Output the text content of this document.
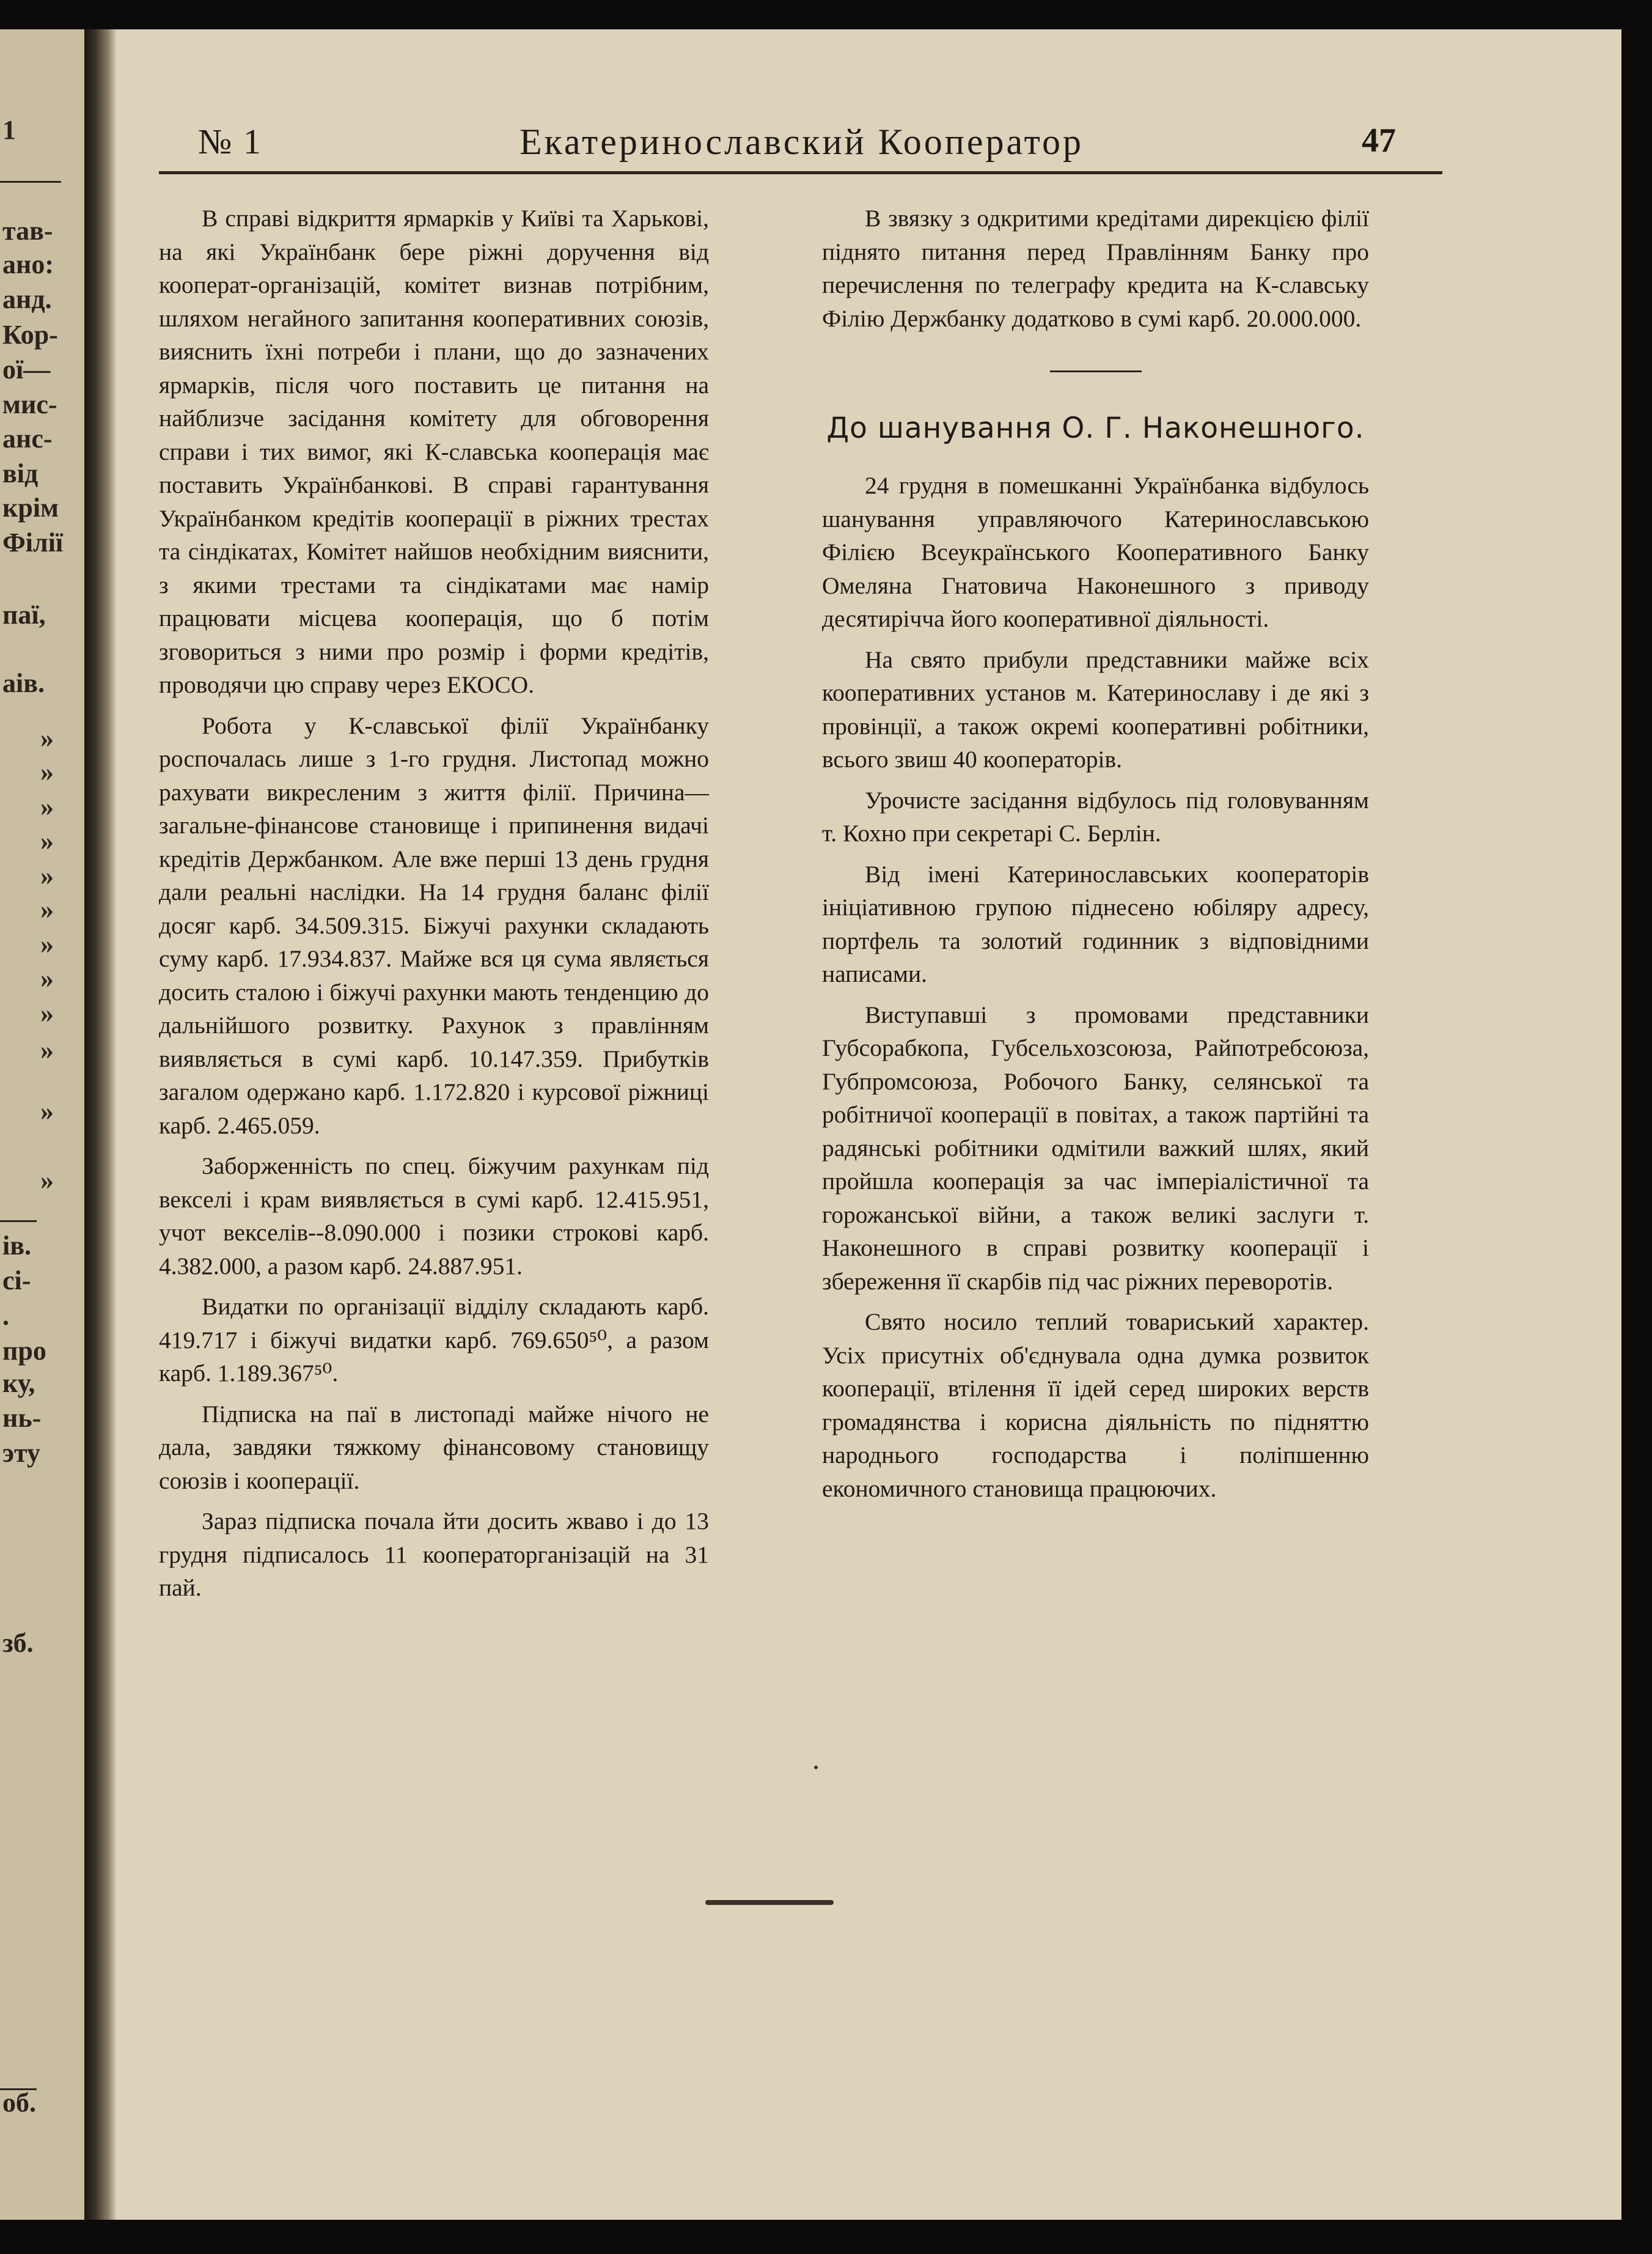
1
тав-
ано:
анд.
Кор-
ої—
мис-
анс-
від
крім
Філії
паї,
аів.
»
»
»
»
»
»
»
»
»
»
»
»
ів.
сі-
.
про
ку,
нь-
эту
зб.
об.
№ 1	Екатеринославский Кооператор	47

В справі відкриття ярмарків у Київі та Харькові, на які Українбанк бере ріжні доручення від кооперат-організацій, комітет визнав потрібним, шляхом негайного запитання кооперативних союзів, вияснить їхні потреби і плани, що до зазначених ярмарків, після чого поставить це питання на найблизче засідання комітету для обговорення справи і тих вимог, які К-славська кооперація має поставить Українбанкові. В справі гарантування Українбанком кредітів кооперації в ріжних трестах та сіндікатах, Комітет найшов необхідним вияснити, з якими трестами та сіндікатами має намір працювати місцева кооперація, що б потім зговориться з ними про розмір і форми кредітів, проводячи цю справу через ЕКОСО.

Робота у К-славської філії Українбанку роспочалась лише з 1-го грудня. Листопад можно рахувати викресленим з життя філії. Причина—загальне-фінансове становище і припинення видачі кредітів Держбанком. Але вже перші 13 день грудня дали реальні наслідки. На 14 грудня баланс філії досяг карб. 34.509.315. Біжучі рахунки складають суму карб. 17.934.837. Майже вся ця сума являється досить сталою і біжучі рахунки мають тенденцию до дальнійшого розвитку. Рахунок з правлінням виявляється в сумі карб. 10.147.359. Прибутків загалом одержано карб. 1.172.820 і курсової ріжниці карб. 2.465.059.

Заборженність по спец. біжучим рахункам під векселі і крам виявляється в сумі карб. 12.415.951, учот векселів--8.090.000 і позики строкові карб. 4.382.000, а разом карб. 24.887.951.

Видатки по організації відділу складають карб. 419.717 і біжучі видатки карб. 769.650⁵⁰, а разом карб. 1.189.367⁵⁰.

Підписка на паї в листопаді майже нічого не дала, завдяки тяжкому фінансовому становищу союзів і кооперації.

Зараз підписка почала йти досить жваво і до 13 грудня підписалось 11 кооператорганізацій на 31 пай.

В звязку з одкритими кредітами дирекцією філії піднято питання перед Правлінням Банку про перечислення по телеграфу кредита на К-славську Філію Держбанку додатково в сумі карб. 20.000.000.

До шанування О. Г. Наконешного.

24 грудня в помешканні Українбанка відбулось шанування управляючого Катеринославською Філією Всеукраїнського Кооперативного Банку Омеляна Гнатовича Наконешного з приводу десятирічча його кооперативної діяльності.

На свято прибули представники майже всіх кооперативних установ м. Катеринославу і де які з провінції, а також окремі кооперативні робітники, всього звиш 40 кооператорів.

Урочисте засідання відбулось під головуванням т. Кохно при секретарі С. Берлін.

Від імені Катеринославських кооператорів ініціативною групою піднесено юбіляру адресу, портфель та золотий годинник з відповідними написами.

Виступавші з промовами представники Губсорабкопа, Губсельхозсоюза, Райпотребсоюза, Губпромсоюза, Робочого Банку, селянської та робітничої кооперації в повітах, а також партійні та радянські робітники одмітили важкий шлях, який пройшла кооперація за час імперіалістичної та горожанської війни, а також великі заслуги т. Наконешного в справі розвитку кооперації і збереження її скарбів під час ріжних переворотів.

Свято носило теплий товариський характер. Усіх присутніх об'єднувала одна думка розвиток кооперації, втілення її ідей серед широких верств громадянства і корисна діяльність по підняттю народнього господарства і поліпшенню економичного становища працюючих.
